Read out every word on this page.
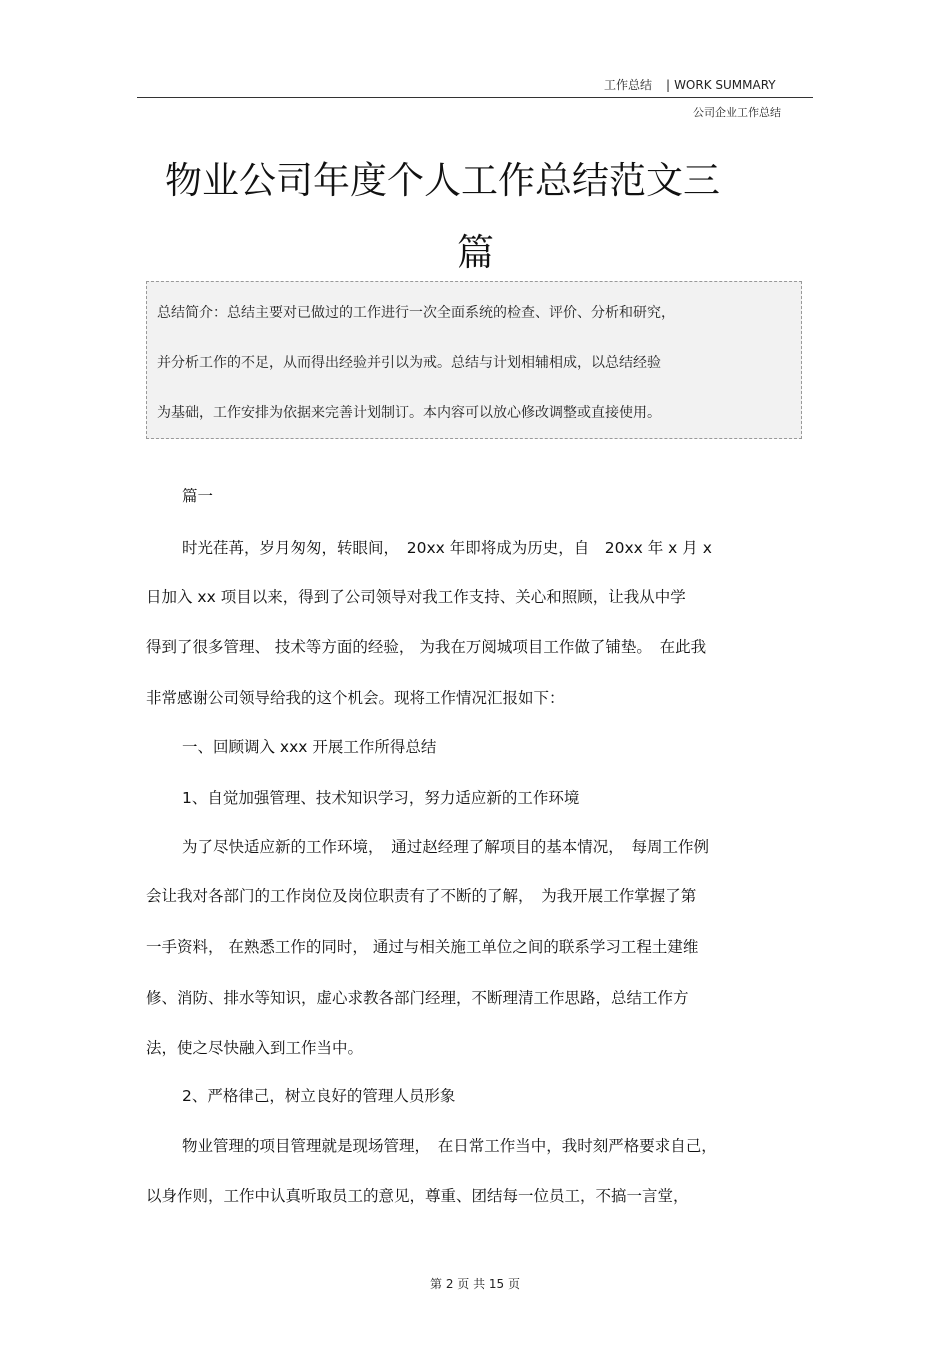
工作总结 | WORK SUMMARY
公司企业工作总结
物业公司年度个人工作总结范文三
篇
总结简介：总结主要对已做过的工作进行一次全面系统的检查、评价、分析和研究，
并分析工作的不足，从而得出经验并引以为戒。总结与计划相辅相成，以总结经验
为基础，工作安排为依据来完善计划制订。本内容可以放心修改调整或直接使用。
篇一
时光荏苒，岁月匆匆，转眼间，　20xx 年即将成为历史，自　20xx 年 x 月 x
日加入 xx 项目以来，得到了公司领导对我工作支持、关心和照顾，让我从中学
得到了很多管理、 技术等方面的经验， 为我在万阅城项目工作做了铺垫。　在此我
非常感谢公司领导给我的这个机会。现将工作情况汇报如下：
一、回顾调入 xxx 开展工作所得总结
1、自觉加强管理、技术知识学习，努力适应新的工作环境
为了尽快适应新的工作环境，　通过赵经理了解项目的基本情况，　每周工作例
会让我对各部门的工作岗位及岗位职责有了不断的了解，　为我开展工作掌握了第
一手资料， 在熟悉工作的同时， 通过与相关施工单位之间的联系学习工程土建维
修、消防、排水等知识，虚心求教各部门经理，不断理清工作思路，总结工作方
法，使之尽快融入到工作当中。
2、严格律己，树立良好的管理人员形象
物业管理的项目管理就是现场管理，　在日常工作当中，我时刻严格要求自己，
以身作则，工作中认真听取员工的意见，尊重、团结每一位员工，不搞一言堂，
第 2 页 共 15 页
